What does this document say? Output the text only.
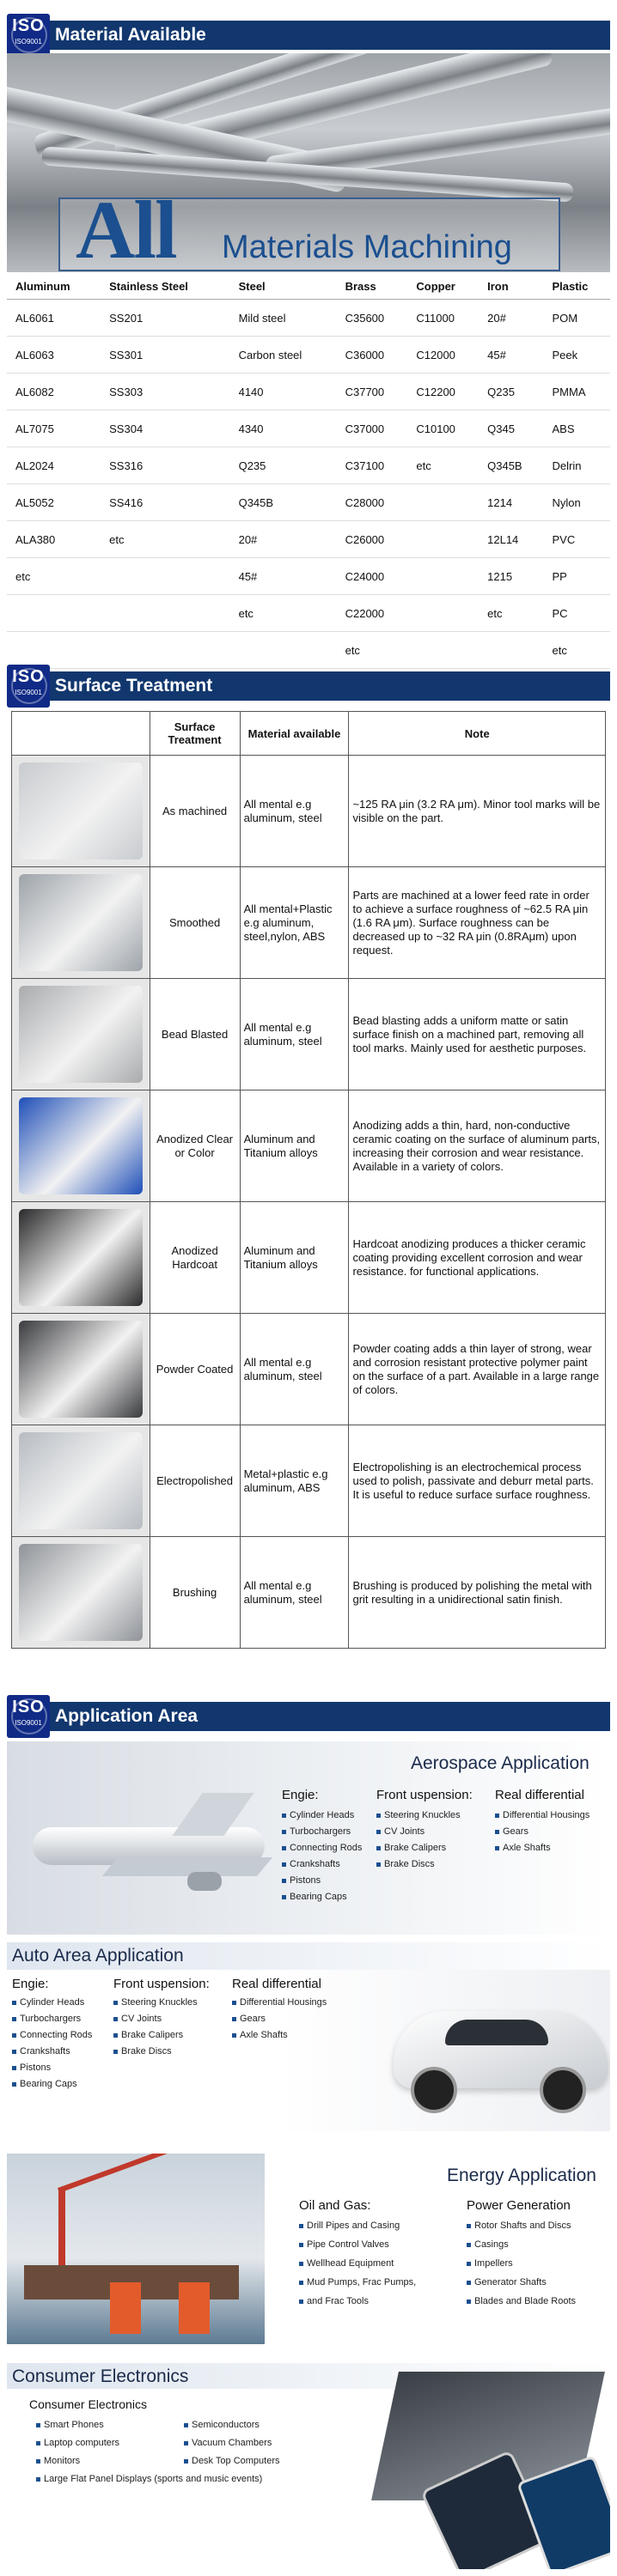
Material Available
ISO
ISO9001
All Materials Machining
Aluminum	Stainless Steel	Steel	Brass	Copper	Iron	Plastic
AL6061	SS201	Mild steel	C35600	C11000	20#	POM
AL6063	SS301	Carbon steel	C36000	C12000	45#	Peek
AL6082	SS303	4140	C37700	C12200	Q235	PMMA
AL7075	SS304	4340	C37000	C10100	Q345	ABS
AL2024	SS316	Q235	C37100	etc	Q345B	Delrin
AL5052	SS416	Q345B	C28000		1214	Nylon
ALA380	etc	20#	C26000		12L14	PVC
etc		45#	C24000		1215	PP
		etc	C22000		etc	PC
			etc			etc
Surface Treatment
ISO
ISO9001
	Surface Treatment	Material available	Note

	As machined	All mental e.g aluminum, steel	~125 RA μin (3.2 RA μm). Minor tool marks will be visible on the part.

	Smoothed	All mental+Plastic e.g aluminum, steel,nylon, ABS	Parts are machined at a lower feed rate in order to achieve a surface roughness of ~62.5 RA μin (1.6 RA μm). Surface roughness can be decreased up to ~32 RA μin (0.8RAμm) upon request.

	Bead Blasted	All mental e.g aluminum, steel	Bead blasting adds a uniform matte or satin surface finish on a machined part, removing all tool marks. Mainly used for aesthetic purposes.

	Anodized Clear or Color	Aluminum and Titanium alloys	Anodizing adds a thin, hard, non-conductive ceramic coating on the surface of aluminum parts, increasing their corrosion and wear resistance. Available in a variety of colors.

	Anodized Hardcoat	Aluminum and Titanium alloys	Hardcoat anodizing produces a thicker ceramic coating providing excellent corrosion and wear resistance. for functional applications.

	Powder Coated	All mental e.g aluminum, steel	Powder coating adds a thin layer of strong, wear and corrosion resistant protective polymer paint on the surface of a part. Available in a large range of colors.

	Electropolished	Metal+plastic e.g aluminum, ABS	Electropolishing is an electrochemical process used to polish, passivate and deburr metal parts. It is useful to reduce surface surface roughness.

	Brushing	All mental e.g aluminum, steel	Brushing is produced by polishing the metal with grit resulting in a unidirectional satin finish.
Application Area
ISO
ISO9001
Aerospace Application
Engie:	Front uspension: Real differential
Cylinder Heads
Turbochargers
Connecting Rods
Crankshafts
Pistons
Bearing Caps
Steering Knuckles
CV Joints
Brake Calipers
Brake Discs
Differential Housings
Gears
Axle Shafts
Auto Area Application
Engie:	Front uspension: Real differential
Cylinder Heads
Turbochargers
Connecting Rods
Crankshafts
Pistons
Bearing Caps
Steering Knuckles
CV Joints
Brake Calipers
Brake Discs
Differential Housings
Gears
Axle Shafts
Energy Application
Oil and Gas:	Power Generation
Drill Pipes and Casing
Pipe Control Valves
Wellhead Equipment
Mud Pumps, Frac Pumps,
and Frac Tools
Rotor Shafts and Discs
Casings
Impellers
Generator Shafts
Blades and Blade Roots
Consumer Electronics
Consumer Electronics
Smart Phones
Laptop computers
Monitors
Large Flat Panel Displays (sports and music events)
Semiconductors
Vacuum Chambers
Desk Top Computers
